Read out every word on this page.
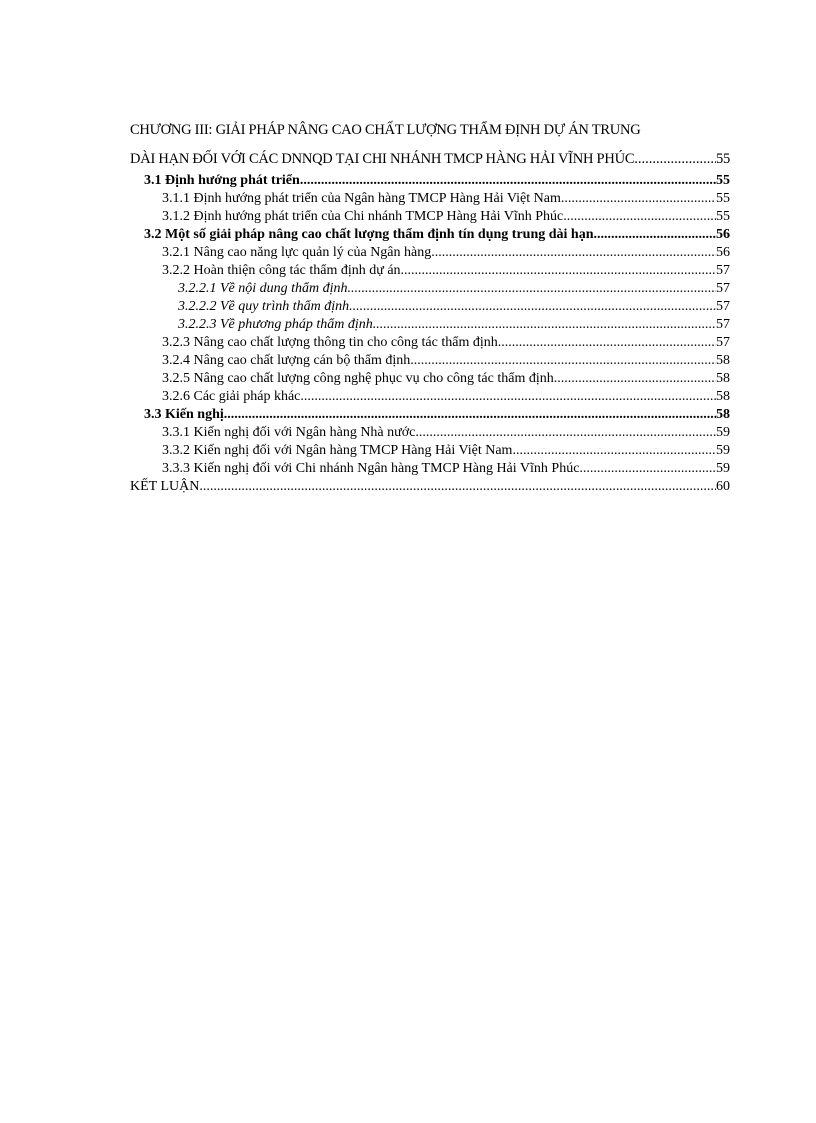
CHƯƠNG III: GIẢI PHÁP NÂNG CAO CHẤT LƯỢNG THẨM ĐỊNH DỰ ÁN TRUNG
DÀI HẠN ĐỐI VỚI CÁC DNNQD TẠI CHI NHÁNH TMCP HÀNG HẢI VĨNH PHÚC .....	55
3.1 Định hướng phát triển .....	55
3.1.1 Định hướng phát triển của Ngân hàng TMCP Hàng Hải Việt Nam. .....	55
3.1.2 Định hướng phát triển của Chi nhánh TMCP Hàng Hải Vĩnh Phúc .....	55
3.2 Một số giải pháp nâng cao chất lượng thẩm định tín dụng trung dài hạn .....	56
3.2.1 Nâng cao năng lực quản lý của Ngân hàng .....	56
3.2.2 Hoàn thiện công tác thẩm định dự án .....	57
3.2.2.1 Về nội dung thẩm định .....	57
3.2.2.2 Về quy trình thẩm định .....	57
3.2.2.3 Về phương pháp thẩm định .....	57
3.2.3 Nâng cao chất lượng thông tin cho công tác thẩm định .....	57
3.2.4 Nâng cao chất lượng cán bộ thẩm định .....	58
3.2.5 Nâng cao chất lượng công nghệ phục vụ cho công tác thẩm định .....	58
3.2.6 Các giải pháp khác.. .....	58
3.3 Kiến nghị .....	58
3.3.1 Kiến nghị đối với Ngân hàng Nhà nước .....	59
3.3.2 Kiến nghị đối với Ngân hàng TMCP Hàng Hải Việt Nam .....	59
3.3.3 Kiến nghị đối với Chi nhánh Ngân hàng TMCP Hàng Hải Vĩnh Phúc .....	59
KẾT LUẬN .....	60
